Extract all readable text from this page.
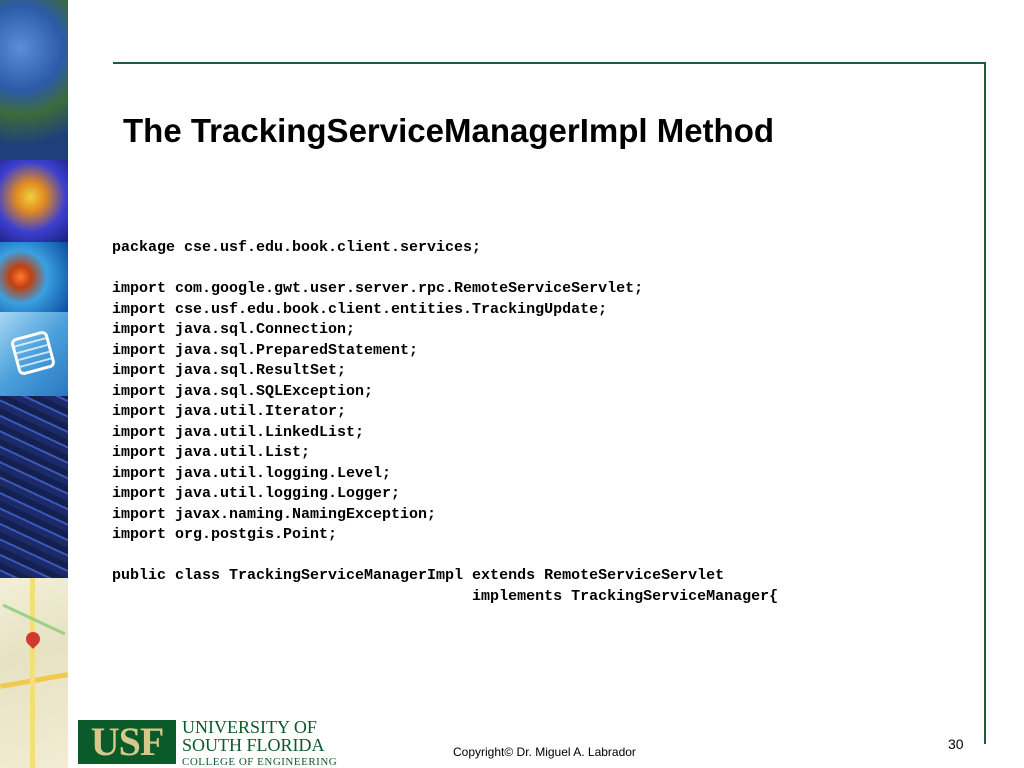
The TrackingServiceManagerImpl Method
package cse.usf.edu.book.client.services;
import com.google.gwt.user.server.rpc.RemoteServiceServlet;
import cse.usf.edu.book.client.entities.TrackingUpdate;
import java.sql.Connection;
import java.sql.PreparedStatement;
import java.sql.ResultSet;
import java.sql.SQLException;
import java.util.Iterator;
import java.util.LinkedList;
import java.util.List;
import java.util.logging.Level;
import java.util.logging.Logger;
import javax.naming.NamingException;
import org.postgis.Point;
public class TrackingServiceManagerImpl extends RemoteServiceServlet
implements TrackingServiceManager{
USF	UNIVERSITY OF
SOUTH FLORIDA
COLLEGE OF ENGINEERING
Copyright© Dr. Miguel A. Labrador	30
